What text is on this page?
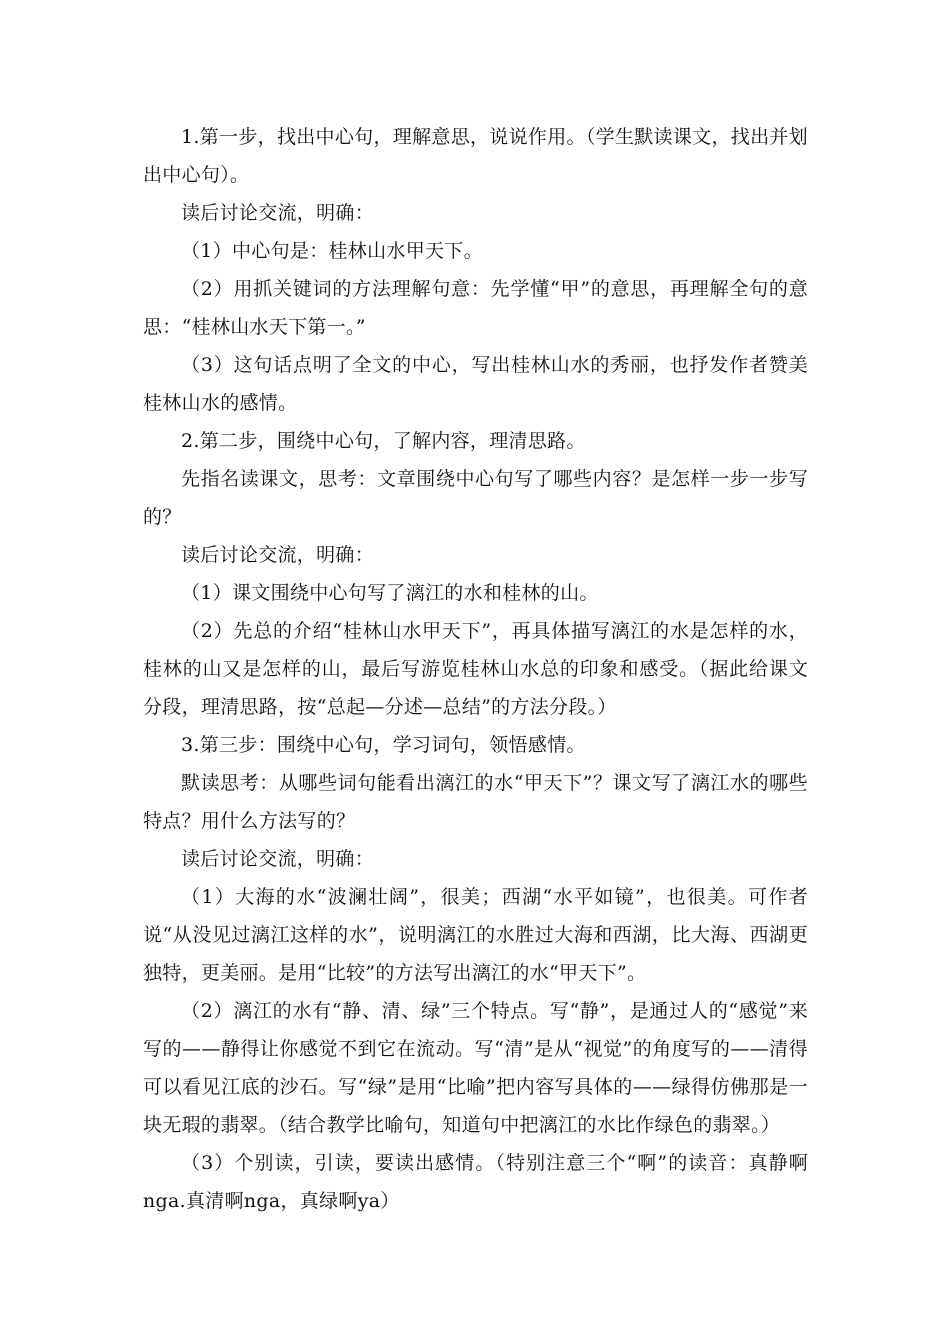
1.第一步，找出中心句，理解意思，说说作用。（学生默读课文，找出并划出中心句）。

读后讨论交流，明确：

（1）中心句是：桂林山水甲天下。

（2）用抓关键词的方法理解句意：先学懂“甲”的意思，再理解全句的意思：“桂林山水天下第一。”

（3）这句话点明了全文的中心，写出桂林山水的秀丽，也抒发作者赞美桂林山水的感情。

2.第二步，围绕中心句，了解内容，理清思路。

先指名读课文，思考：文章围绕中心句写了哪些内容？是怎样一步一步写的？

读后讨论交流，明确：

（1）课文围绕中心句写了漓江的水和桂林的山。

（2）先总的介绍“桂林山水甲天下”，再具体描写漓江的水是怎样的水，桂林的山又是怎样的山，最后写游览桂林山水总的印象和感受。（据此给课文分段，理清思路，按“总起—分述—总结”的方法分段。）

3.第三步：围绕中心句，学习词句，领悟感情。

默读思考：从哪些词句能看出漓江的水“甲天下”？课文写了漓江水的哪些特点？用什么方法写的？

读后讨论交流，明确：

（1）大海的水“波澜壮阔”，很美；西湖“水平如镜”，也很美。可作者说“从没见过漓江这样的水”，说明漓江的水胜过大海和西湖，比大海、西湖更独特，更美丽。是用“比较”的方法写出漓江的水“甲天下”。

（2）漓江的水有“静、清、绿”三个特点。写“静”，是通过人的“感觉”来写的——静得让你感觉不到它在流动。写“清”是从“视觉”的角度写的——清得可以看见江底的沙石。写“绿”是用“比喻”把内容写具体的——绿得仿佛那是一块无瑕的翡翠。（结合教学比喻句，知道句中把漓江的水比作绿色的翡翠。）

（3）个别读，引读，要读出感情。（特别注意三个“啊”的读音：真静啊nga.真清啊nga，真绿啊ya）
